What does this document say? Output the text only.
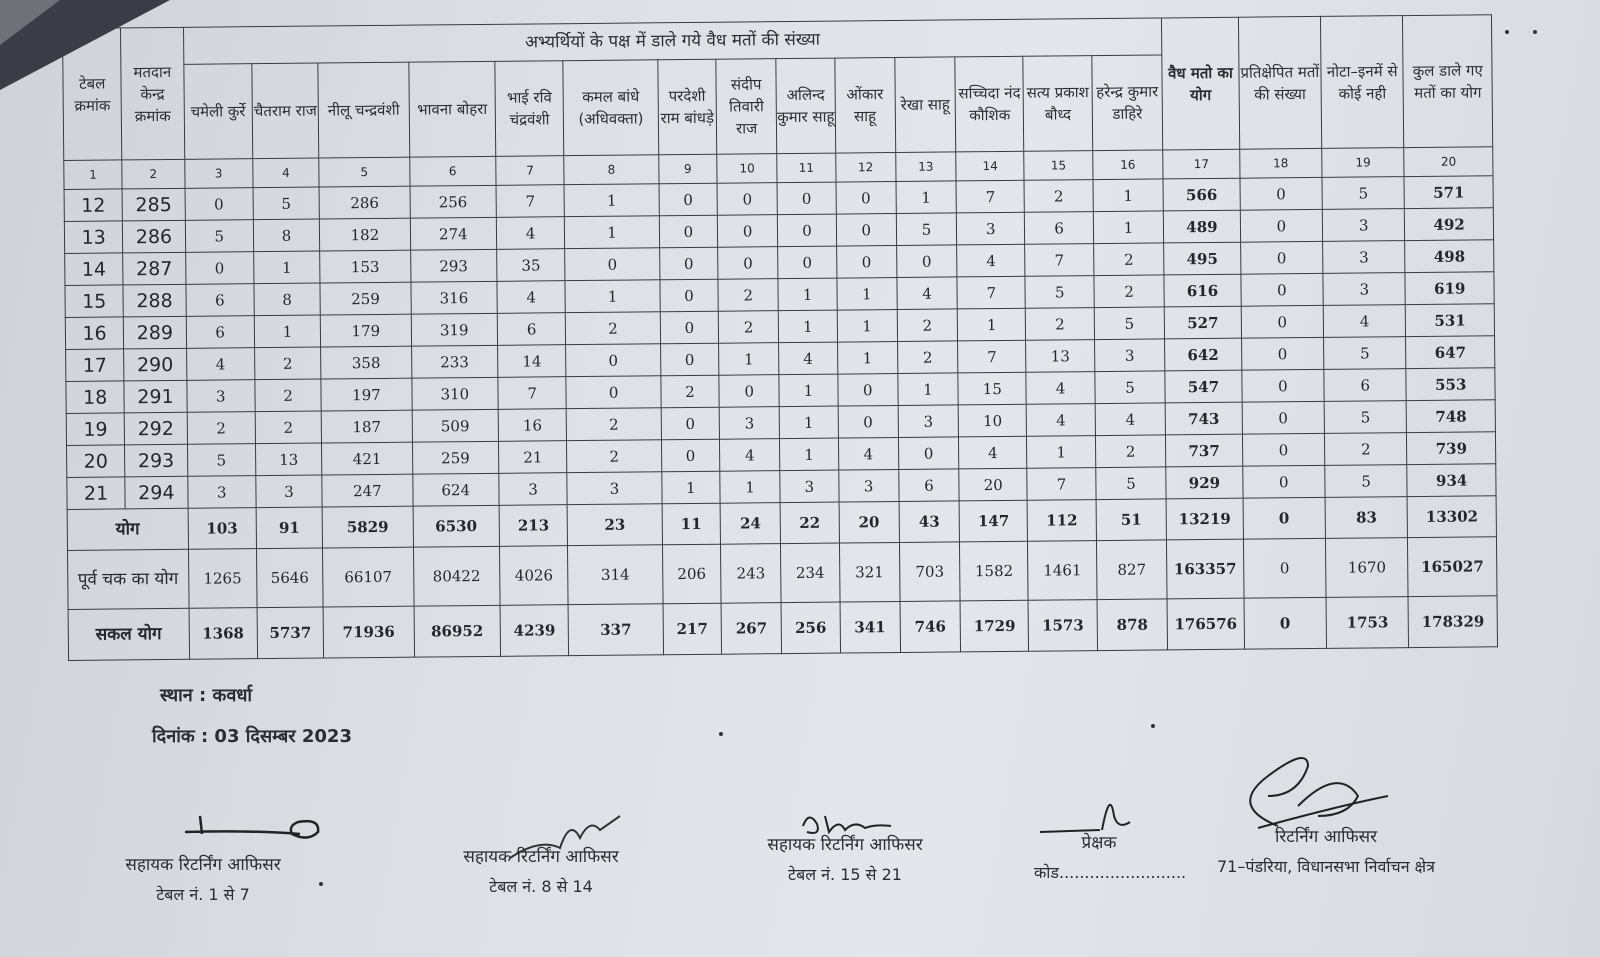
टेबल क्रमांक	मतदान केन्द्र क्रमांक	अभ्यर्थियों के पक्ष में डाले गये वैध मतों की संख्या														वैध मतो का योग	प्रतिक्षेपित मतों की संख्या	नोटा–इनमें से कोई नही	कुल डाले गए मतों का योग
		चमेली कुर्रे	चैतराम राज	नीलू चन्द्रवंशी	भावना बोहरा	भाई रवि चंद्रवंशी	कमल बांधे (अधिवक्ता)	परदेशी राम बांधड़े	संदीप तिवारी राज	अलिन्द कुमार साहू	ओंकार साहू	रेखा साहू	सच्चिदा नंद कौशिक	सत्य प्रकाश बौध्द	हरेन्द्र कुमार डाहिरे				
1	2	3	4	5	6	7	8	9	10	11	12	13	14	15	16	17	18	19	20
12	285	0	5	286	256	7	1	0	0	0	0	1	7	2	1	566	0	5	571
13	286	5	8	182	274	4	1	0	0	0	0	5	3	6	1	489	0	3	492
14	287	0	1	153	293	35	0	0	0	0	0	0	4	7	2	495	0	3	498
15	288	6	8	259	316	4	1	0	2	1	1	4	7	5	2	616	0	3	619
16	289	6	1	179	319	6	2	0	2	1	1	2	1	2	5	527	0	4	531
17	290	4	2	358	233	14	0	0	1	4	1	2	7	13	3	642	0	5	647
18	291	3	2	197	310	7	0	2	0	1	0	1	15	4	5	547	0	6	553
19	292	2	2	187	509	16	2	0	3	1	0	3	10	4	4	743	0	5	748
20	293	5	13	421	259	21	2	0	4	1	4	0	4	1	2	737	0	2	739
21	294	3	3	247	624	3	3	1	1	3	3	6	20	7	5	929	0	5	934
योग		103	91	5829	6530	213	23	11	24	22	20	43	147	112	51	13219	0	83	13302
पूर्व चक का योग		1265	5646	66107	80422	4026	314	206	243	234	321	703	1582	1461	827	163357	0	1670	165027
सकल योग		1368	5737	71936	86952	4239	337	217	267	256	341	746	1729	1573	878	176576	0	1753	178329
स्थान : कवर्धा
दिनांक : 03 दिसम्बर 2023
सहायक रिटर्निंग आफिसर
टेबल नं. 1 से 7
सहायक रिटर्निंग आफिसर
टेबल नं. 8 से 14
सहायक रिटर्निंग आफिसर
टेबल नं. 15 से 21
प्रेक्षक
कोड.........................
रिटर्निंग आफिसर
71–पंडरिया, विधानसभा निर्वाचन क्षेत्र
